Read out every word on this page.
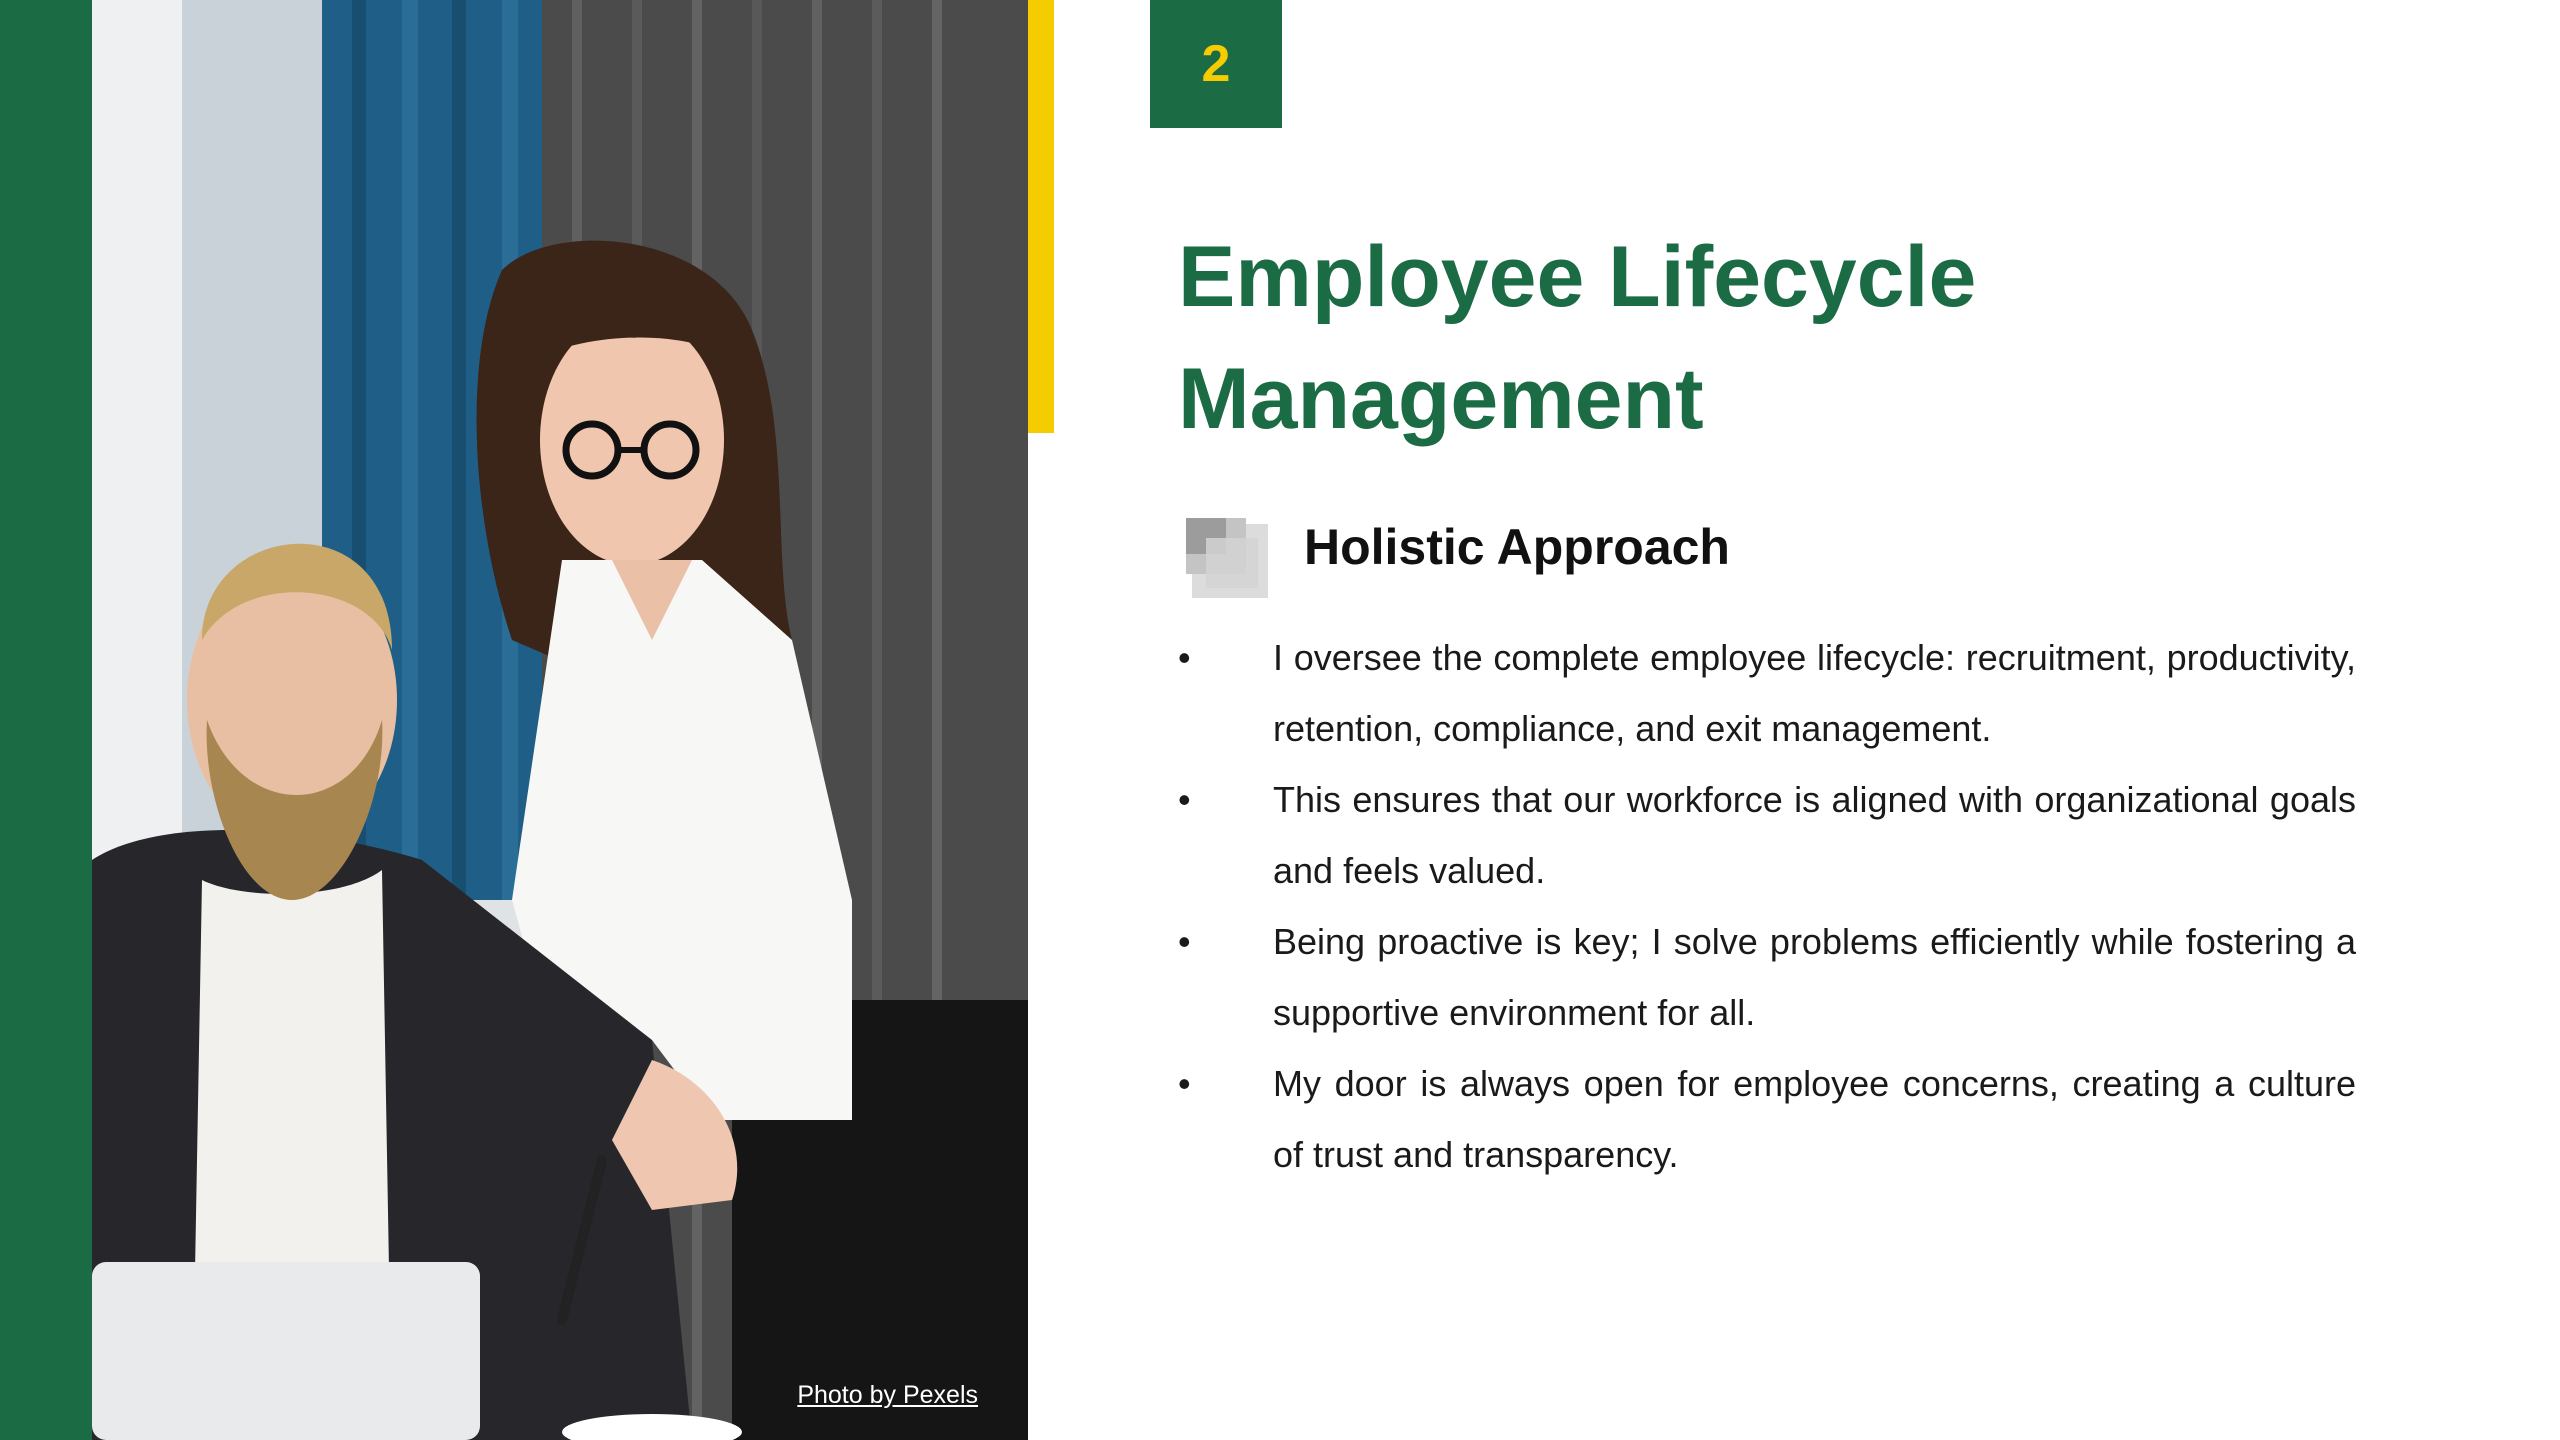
Photo by Pexels
2
Employee Lifecycle Management
Holistic Approach
• I oversee the complete employee lifecycle: recruitment, productivity, retention, compliance, and exit management.
• This ensures that our workforce is aligned with organizational goals and feels valued.
• Being proactive is key; I solve problems efficiently while fostering a supportive environment for all.
• My door is always open for employee concerns, creating a culture of trust and transparency.
